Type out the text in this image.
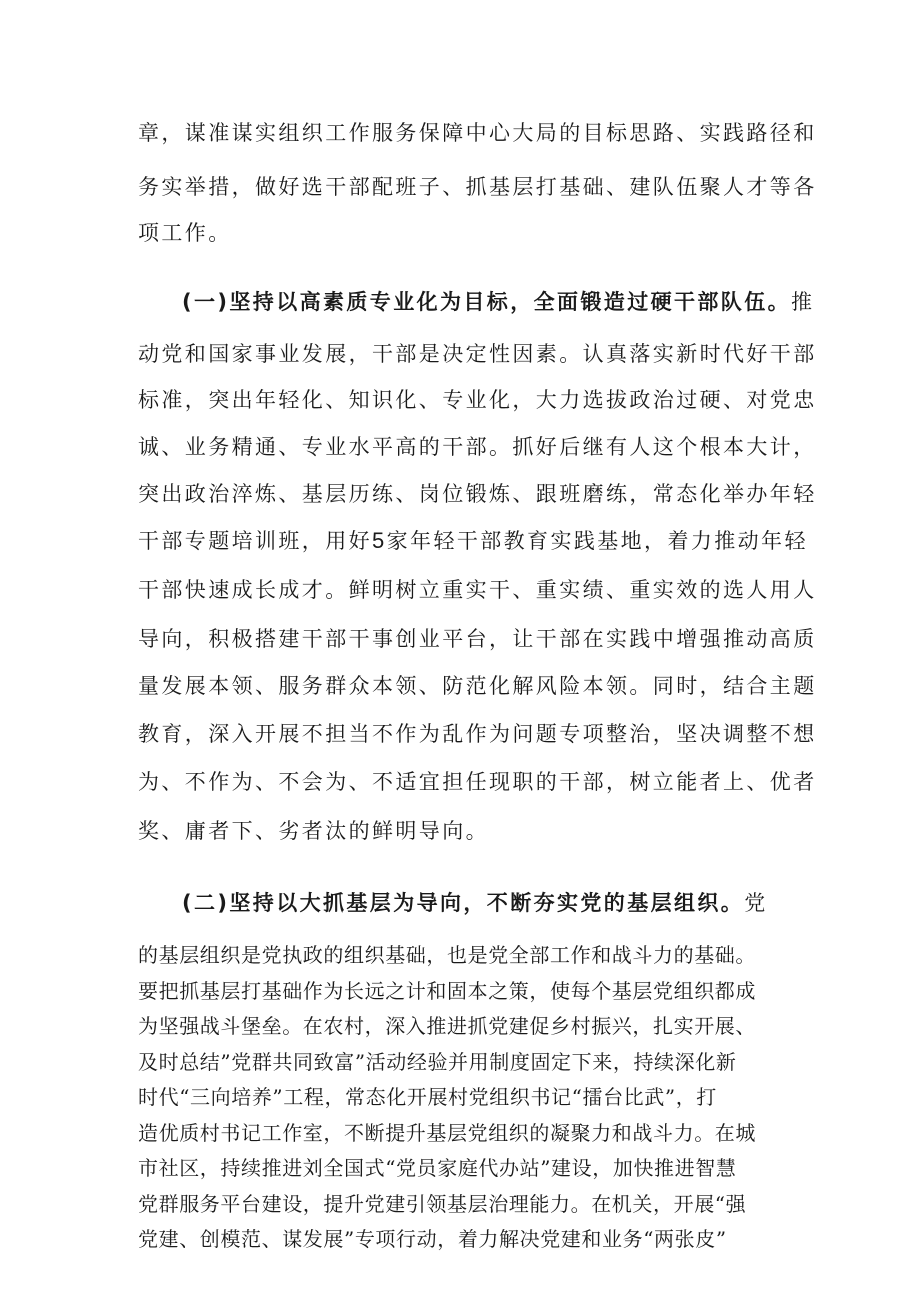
章，谋准谋实组织工作服务保障中心大局的目标思路、实践路径和

务实举措，做好选干部配班子、抓基层打基础、建队伍聚人才等各

项工作。

(一)坚持以高素质专业化为目标，全面锻造过硬干部队伍。推

动党和国家事业发展，干部是决定性因素。认真落实新时代好干部

标准，突出年轻化、知识化、专业化，大力选拔政治过硬、对党忠

诚、业务精通、专业水平高的干部。抓好后继有人这个根本大计，

突出政治淬炼、基层历练、岗位锻炼、跟班磨练，常态化举办年轻

干部专题培训班，用好5家年轻干部教育实践基地，着力推动年轻

干部快速成长成才。鲜明树立重实干、重实绩、重实效的选人用人

导向，积极搭建干部干事创业平台，让干部在实践中增强推动高质

量发展本领、服务群众本领、防范化解风险本领。同时，结合主题

教育，深入开展不担当不作为乱作为问题专项整治，坚决调整不想

为、不作为、不会为、不适宜担任现职的干部，树立能者上、优者

奖、庸者下、劣者汰的鲜明导向。

(二)坚持以大抓基层为导向，不断夯实党的基层组织。党

的基层组织是党执政的组织基础，也是党全部工作和战斗力的基础。

要把抓基层打基础作为长远之计和固本之策，使每个基层党组织都成

为坚强战斗堡垒。在农村，深入推进抓党建促乡村振兴，扎实开展、

及时总结”党群共同致富”活动经验并用制度固定下来，持续深化新

时代“三向培养”工程，常态化开展村党组织书记“擂台比武”，打

造优质村书记工作室，不断提升基层党组织的凝聚力和战斗力。在城

市社区，持续推进刘全国式“党员家庭代办站”建设，加快推进智慧

党群服务平台建设，提升党建引领基层治理能力。在机关，开展“强

党建、创模范、谋发展”专项行动，着力解决党建和业务“两张皮”
